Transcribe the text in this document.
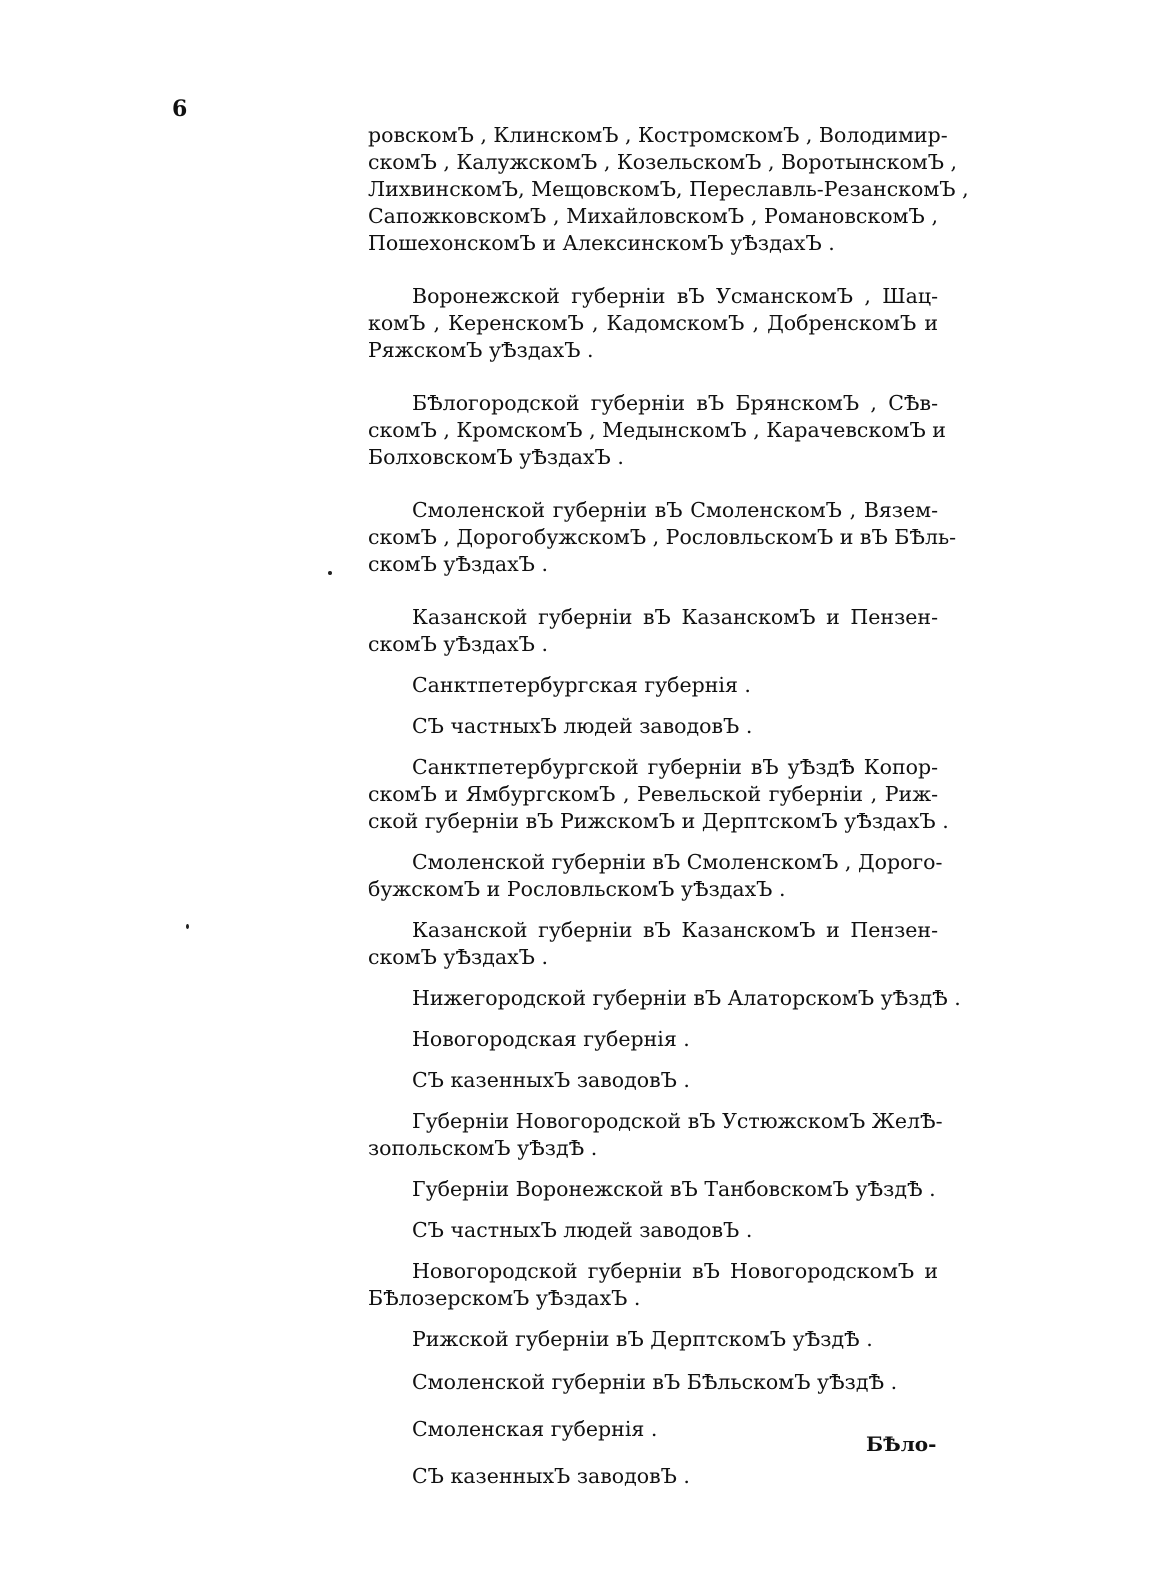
6
ровскомЪ , КлинскомЪ , КостромскомЪ , Володимир-
скомЪ , КалужскомЪ , КозельскомЪ , ВоротынскомЪ ,
ЛихвинскомЪ, МещовскомЪ, Переславль-РезанскомЪ ,
СапожковскомЪ , МихайловскомЪ , РомановскомЪ ,
ПошехонскомЪ и АлексинскомЪ уѢздахЪ .
Воронежской губерніи вЪ УсманскомЪ , Шац-
комЪ , КеренскомЪ , КадомскомЪ , ДобренскомЪ и
РяжскомЪ уѢздахЪ .
БѢлогородской губерніи вЪ БрянскомЪ , СѢв-
скомЪ , КромскомЪ , МедынскомЪ , КарачевскомЪ и
БолховскомЪ уѢздахЪ .
Смоленской губерніи вЪ СмоленскомЪ , Вязем-
скомЪ , ДорогобужскомЪ , РословльскомЪ и вЪ БѢль-
скомЪ уѢздахЪ .
Казанской губерніи вЪ КазанскомЪ и Пензен-
скомЪ уѢздахЪ .
Санктпетербургская губернія .
СЪ частныхЪ людей заводовЪ .
Санктпетербургской губерніи вЪ уѢздѢ Копор-
скомЪ и ЯмбургскомЪ , Ревельской губерніи , Риж-
ской губерніи вЪ РижскомЪ и ДерптскомЪ уѢздахЪ .
Смоленской губерніи вЪ СмоленскомЪ , Дорого-
бужскомЪ и РословльскомЪ уѢздахЪ .
Казанской губерніи вЪ КазанскомЪ и Пензен-
скомЪ уѢздахЪ .
Нижегородской губерніи вЪ АлаторскомЪ уѢздѢ .
Новогородская губернія .
СЪ казенныхЪ заводовЪ .
Губерніи Новогородской вЪ УстюжскомЪ ЖелѢ-
зопольскомЪ уѢздѢ .
Губерніи Воронежской вЪ ТанбовскомЪ уѢздѢ .
СЪ частныхЪ людей заводовЪ .
Новогородской губерніи вЪ НовогородскомЪ и
БѢлозерскомЪ уѢздахЪ .
Рижской губерніи вЪ ДерптскомЪ уѢздѢ .
Смоленской губерніи вЪ БѢльскомЪ уѢздѢ .
Смоленская губернія .
СЪ казенныхЪ заводовЪ .
БѢло-
